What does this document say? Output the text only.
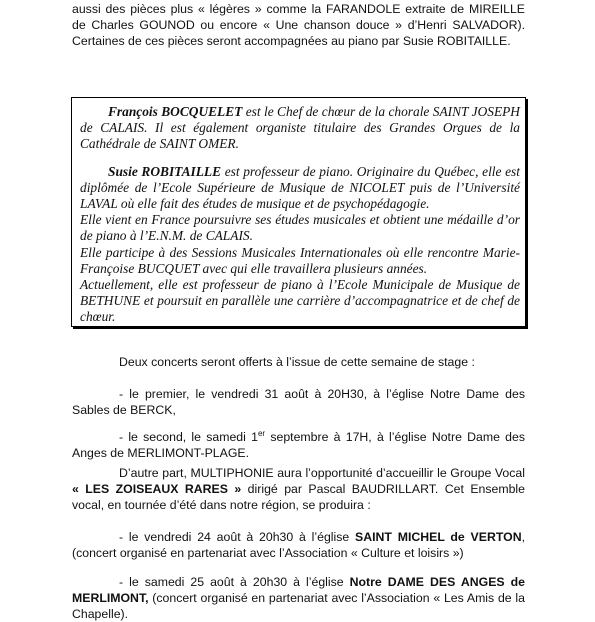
aussi des pièces plus « légères » comme la FARANDOLE extraite de MIREILLE de Charles GOUNOD ou encore « Une chanson douce » d’Henri SALVADOR). Certaines de ces pièces seront accompagnées au piano par Susie ROBITAILLE.

François BOCQUELET est le Chef de chœur de la chorale SAINT JOSEPH de CALAIS. Il est également organiste titulaire des Grandes Orgues de la Cathédrale de SAINT OMER.

Susie ROBITAILLE est professeur de piano. Originaire du Québec, elle est diplômée de l’Ecole Supérieure de Musique de NICOLET puis de l’Université LAVAL où elle fait des études de musique et de psychopédagogie.

Elle vient en France poursuivre ses études musicales et obtient une médaille d’or de piano à l’E.N.M. de CALAIS.

Elle participe à des Sessions Musicales Internationales où elle rencontre Marie-Françoise BUCQUET avec qui elle travaillera plusieurs années.

Actuellement, elle est professeur de piano à l’Ecole Municipale de Musique de BETHUNE et poursuit en parallèle une carrière d’accompagnatrice et de chef de chœur.

Deux concerts seront offerts à l’issue de cette semaine de stage :

- le premier, le vendredi 31 août à 20H30, à l’église Notre Dame des Sables de BERCK,

- le second, le samedi 1er septembre à 17H, à l’église Notre Dame des Anges de MERLIMONT-PLAGE.

D’autre part, MULTIPHONIE aura l’opportunité d’accueillir le Groupe Vocal « LES ZOISEAUX RARES » dirigé par Pascal BAUDRILLART. Cet Ensemble vocal, en tournée d’été dans notre région, se produira :

- le vendredi 24 août à 20h30 à l’église SAINT MICHEL de VERTON, (concert organisé en partenariat avec l’Association « Culture et loisirs »)

- le samedi 25 août à 20h30 à l’église Notre DAME DES ANGES de MERLIMONT, (concert organisé en partenariat avec l’Association « Les Amis de la Chapelle).
